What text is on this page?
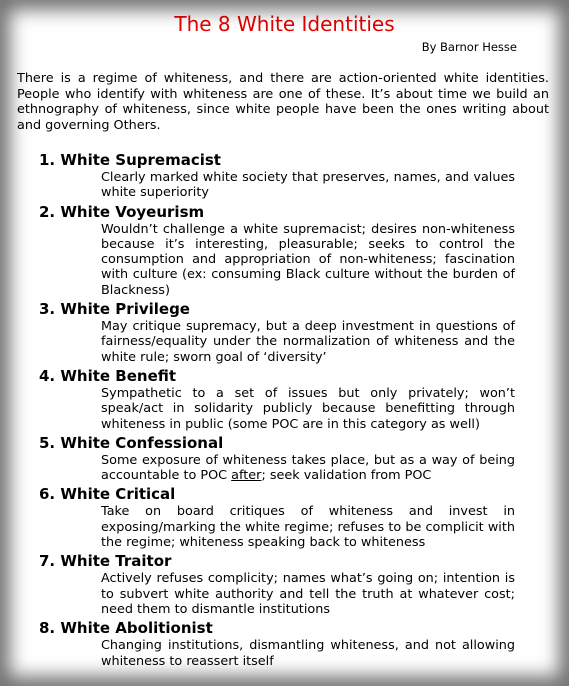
The 8 White Identities
By Barnor Hesse

There is a regime of whiteness, and there are action-oriented white identities. People who identify with whiteness are one of these. It’s about time we build an ethnography of whiteness, since white people have been the ones writing about and governing Others.

1. White Supremacist
Clearly marked white society that preserves, names, and values white superiority
2. White Voyeurism
Wouldn’t challenge a white supremacist; desires non-whiteness because it’s interesting, pleasurable; seeks to control the consumption and appropriation of non-whiteness; fascination with culture (ex: consuming Black culture without the burden of Blackness)
3. White Privilege
May critique supremacy, but a deep investment in questions of fairness/equality under the normalization of whiteness and the white rule; sworn goal of ‘diversity’
4. White Benefit
Sympathetic to a set of issues but only privately; won’t speak/act in solidarity publicly because benefitting through whiteness in public (some POC are in this category as well)
5. White Confessional
Some exposure of whiteness takes place, but as a way of being accountable to POC after; seek validation from POC
6. White Critical
Take on board critiques of whiteness and invest in exposing/marking the white regime; refuses to be complicit with the regime; whiteness speaking back to whiteness
7. White Traitor
Actively refuses complicity; names what’s going on; intention is to subvert white authority and tell the truth at whatever cost; need them to dismantle institutions
8. White Abolitionist
Changing institutions, dismantling whiteness, and not allowing whiteness to reassert itself
